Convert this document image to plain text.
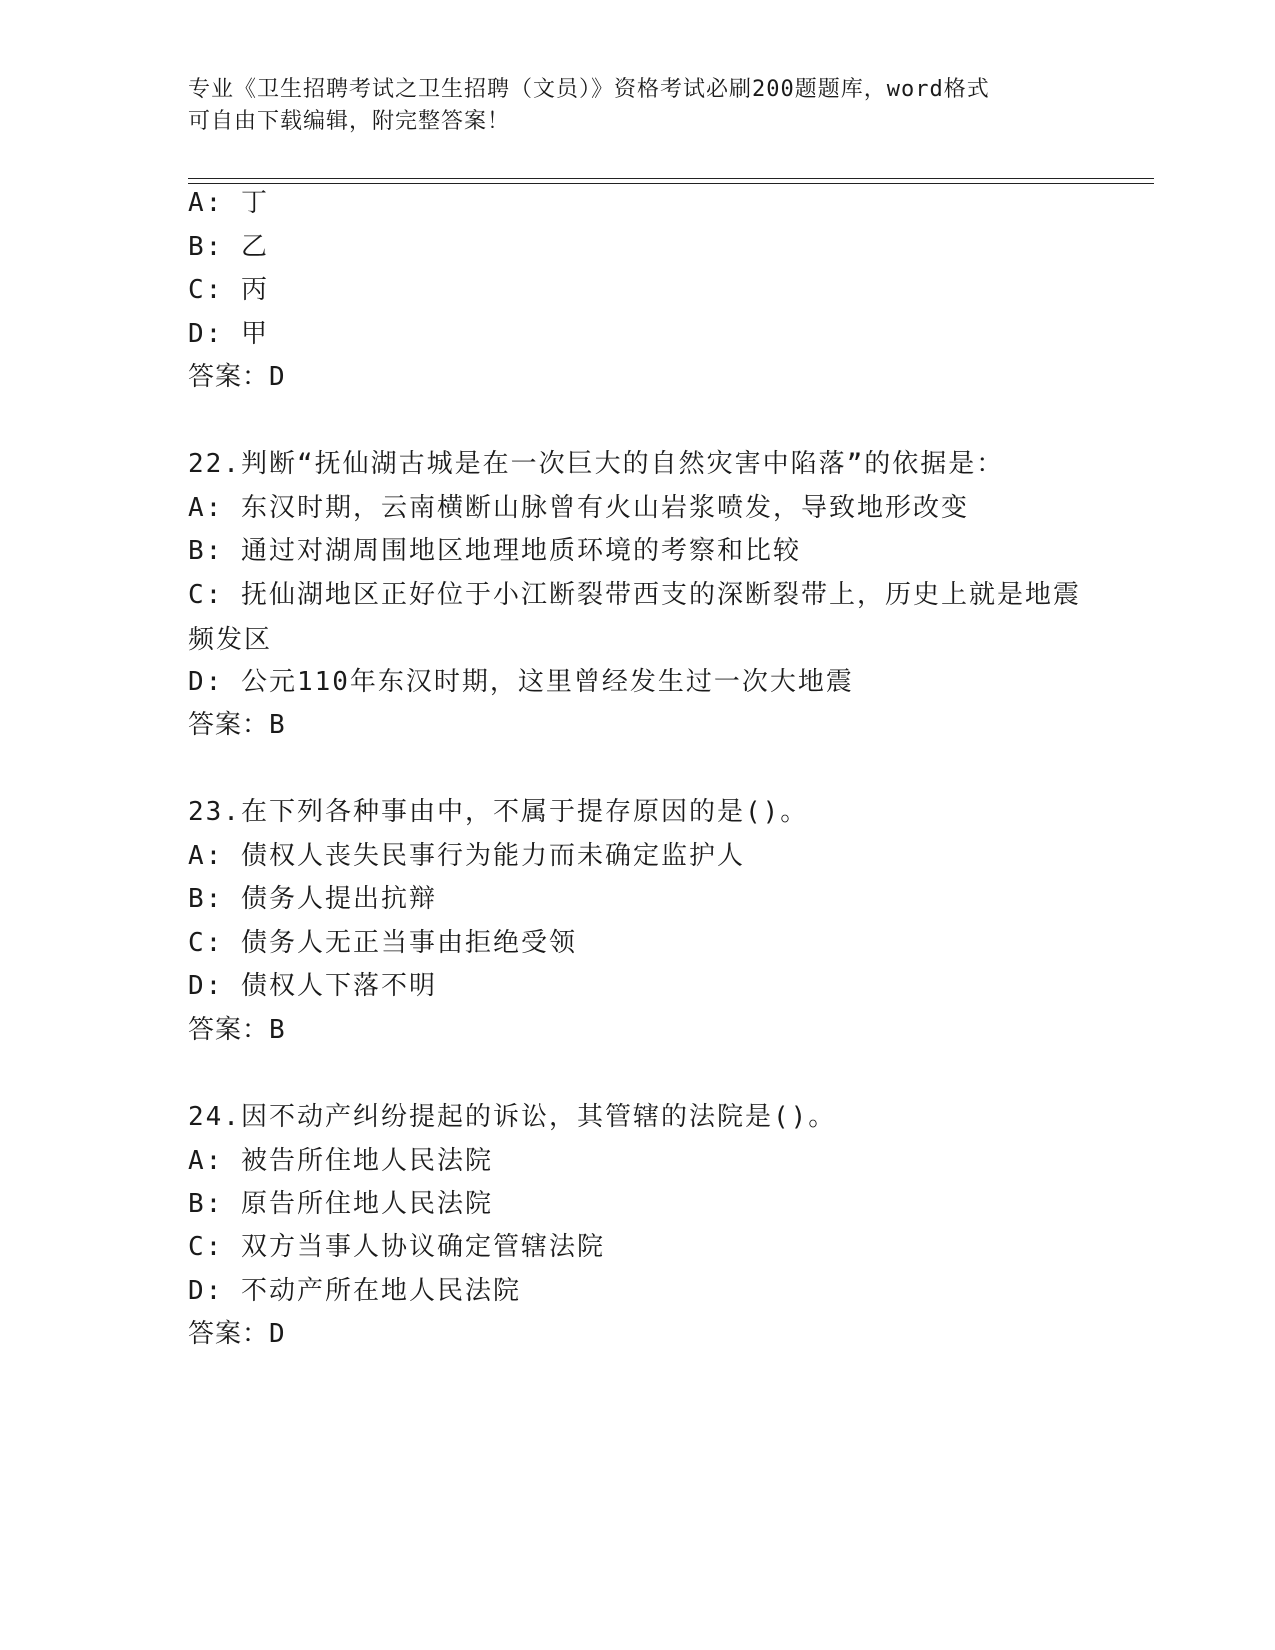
专业《卫生招聘考试之卫生招聘（文员）》资格考试必刷200题题库，word格式
可自由下载编辑，附完整答案！
A: 丁
B: 乙
C: 丙
D: 甲
答案：D
22.判断“抚仙湖古城是在一次巨大的自然灾害中陷落”的依据是：
A: 东汉时期，云南横断山脉曾有火山岩浆喷发，导致地形改变
B: 通过对湖周围地区地理地质环境的考察和比较
C: 抚仙湖地区正好位于小江断裂带西支的深断裂带上，历史上就是地震频发区
D: 公元110年东汉时期，这里曾经发生过一次大地震
答案：B
23.在下列各种事由中，不属于提存原因的是()。
A: 债权人丧失民事行为能力而未确定监护人
B: 债务人提出抗辩
C: 债务人无正当事由拒绝受领
D: 债权人下落不明
答案：B
24.因不动产纠纷提起的诉讼，其管辖的法院是()。
A: 被告所住地人民法院
B: 原告所住地人民法院
C: 双方当事人协议确定管辖法院
D: 不动产所在地人民法院
答案：D
